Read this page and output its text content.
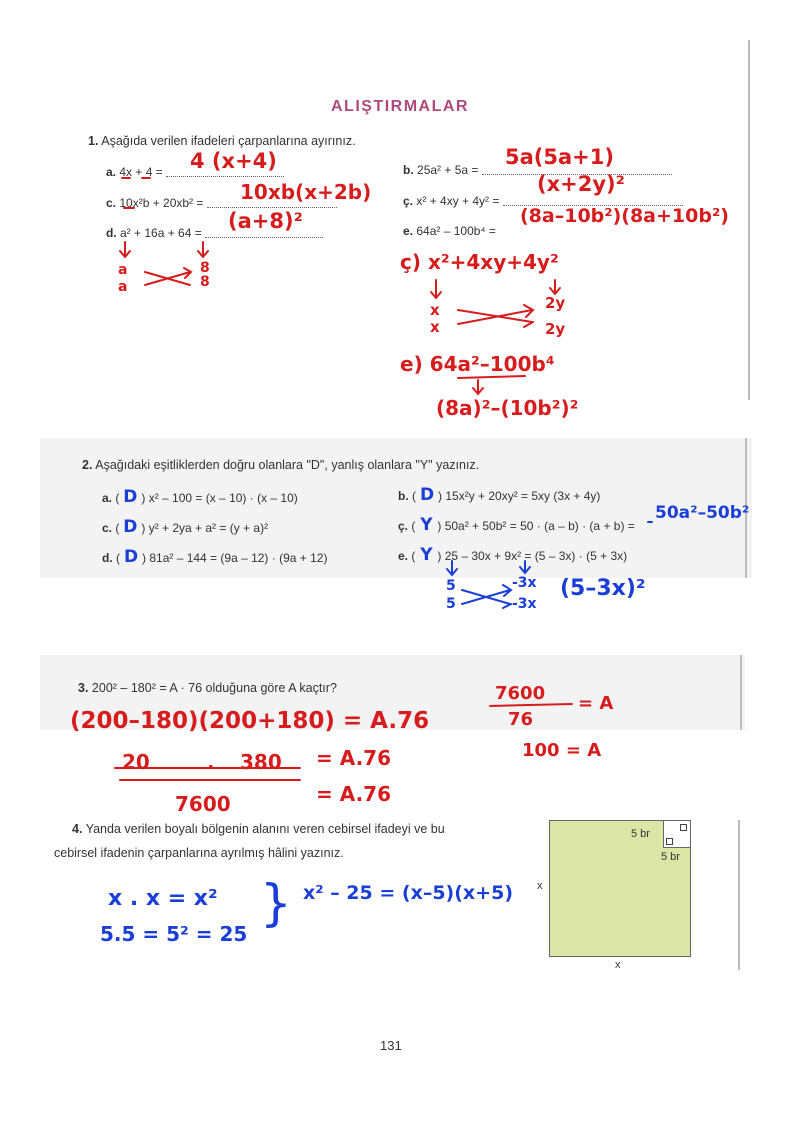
ALIŞTIRMALAR
1. Aşağıda verilen ifadeleri çarpanlarına ayırınız.
a. 4x + 4 =	4 (x+4)	b. 25a² + 5a =
5a(5a+1)
c. 10x²b + 20xb² =	10xb(x+2b)	ç. x² + 4xy + 4y² =
(x+2y)²
d. a² + 16a + 64 =	(a+8)²	e. 64a² – 100b⁴ =
(8a–10b²)(8a+10b²)
a
a
8
8
ç) x²+4xy+4y²
x
x
2y
2y
e) 64a²–100b⁴
(8a)²–(10b²)²
2. Aşağıdaki eşitliklerden doğru olanlara "D", yanlış olanlara "Y" yazınız.
a. ( D ) x² – 100 = (x – 10) · (x – 10)	b. ( D ) 15x²y + 20xy² = 5xy (3x + 4y)
c. ( D ) y² + 2ya + a² = (y + a)²	ç. ( Y ) 50a² + 50b² = 50 · (a – b) · (a + b) =
50a²–50b²
d. ( D ) 81a² – 144 = (9a – 12) · (9a + 12)	e. ( Y ) 25 – 30x + 9x² = (5 – 3x) · (5 + 3x)
5
5
-3x
-3x
(5–3x)²
3. 200² – 180² = A · 76 olduğuna göre A kaçtır?
(200–180)(200+180) = A.76
20	. 380 = A.76
7600	= A.76
7600
76
= A
100 = A
4. Yanda verilen boyalı bölgenin alanını veren cebirsel ifadeyi ve bu
cebirsel ifadenin çarpanlarına ayrılmış hâlini yazınız.
5 br
5 br
x
x
x . x = x²
5.5 = 5² = 25
} x² – 25 = (x–5)(x+5)
131
